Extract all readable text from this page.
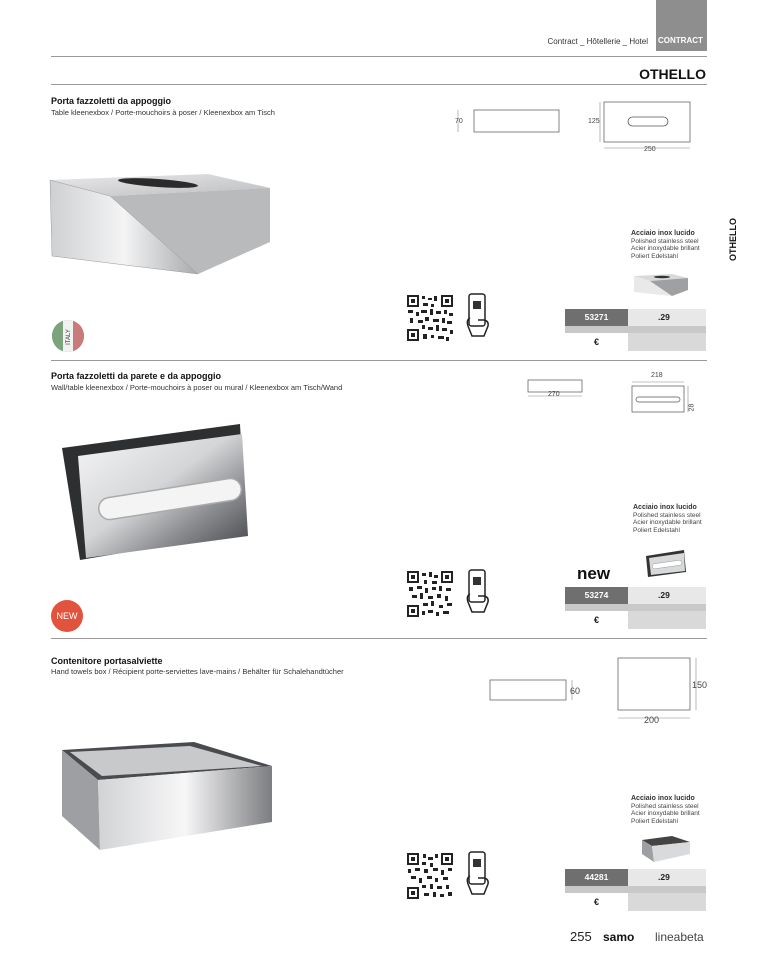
Contract _ Hôtellerie _ Hotel CONTRACT
OTHELLO
OTHELLO
Porta fazzoletti da appoggio
Table kleenexbox / Porte-mouchoirs à poser / Kleenexbox am Tisch
70	125
250
Acciaio inox lucido
Polished stainless steel
Acier inoxydable brillant
Poliert Edelstahl
53271	.29
€
ITALY
Porta fazzoletti da parete e da appoggio
Wall/table kleenexbox / Porte-mouchoirs à poser ou mural / Kleenexbox am Tisch/Wand
270
218
28
Acciaio inox lucido
Polished stainless steel
Acier inoxydable brillant
Poliert Edelstahl
new
53274	.29
€
NEW
Contenitore portasalviette
Hand towels box / Récipient porte-serviettes lave-mains / Behälter für Schalehandtücher
60
150
200
Acciaio inox lucido
Polished stainless steel
Acier inoxydable brillant
Poliert Edelstahl
44281	.29
€
255 samo lineabeta
